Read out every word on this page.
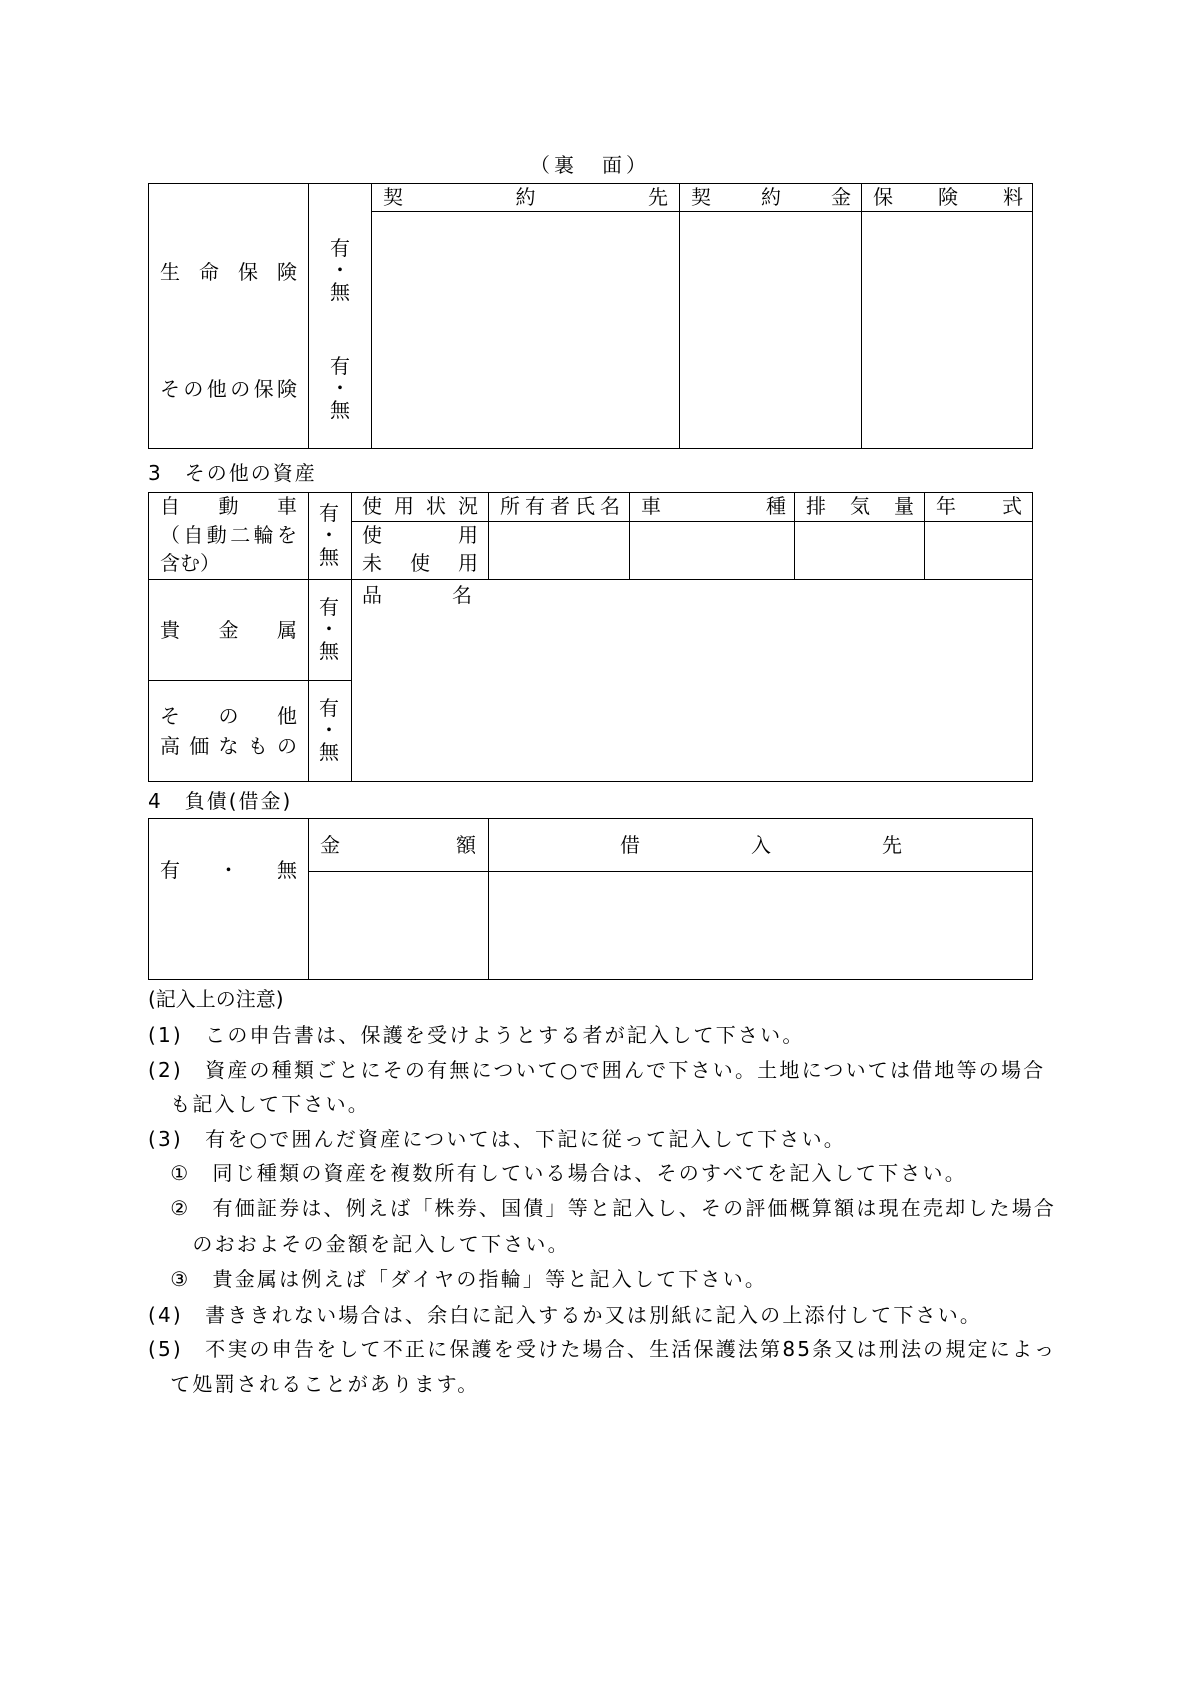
（裏　面）
契約先 契約金 保険料
生命保険
有
・
無
その他の保険
有
・
無
3　その他の資産
自動車
（自動二輪を
含む）
有
・
無
使用状況 所有者氏名 車種 排気量 年式
使用
未使用
貴金属
有
・
無
品名
その他
高価なもの
有
・
無
4　負債(借金)
有・無
金額	借入先
(記入上の注意)
(1)　この申告書は、保護を受けようとする者が記入して下さい。
(2)　資産の種類ごとにその有無について○で囲んで下さい。土地については借地等の場合
　も記入して下さい。
(3)　有を○で囲んだ資産については、下記に従って記入して下さい。
　①　同じ種類の資産を複数所有している場合は、そのすべてを記入して下さい。
　②　有価証券は、例えば「株券、国債」等と記入し、その評価概算額は現在売却した場合
　　のおおよその金額を記入して下さい。
　③　貴金属は例えば「ダイヤの指輪」等と記入して下さい。
(4)　書ききれない場合は、余白に記入するか又は別紙に記入の上添付して下さい。
(5)　不実の申告をして不正に保護を受けた場合、生活保護法第85条又は刑法の規定によっ
　て処罰されることがあります。
